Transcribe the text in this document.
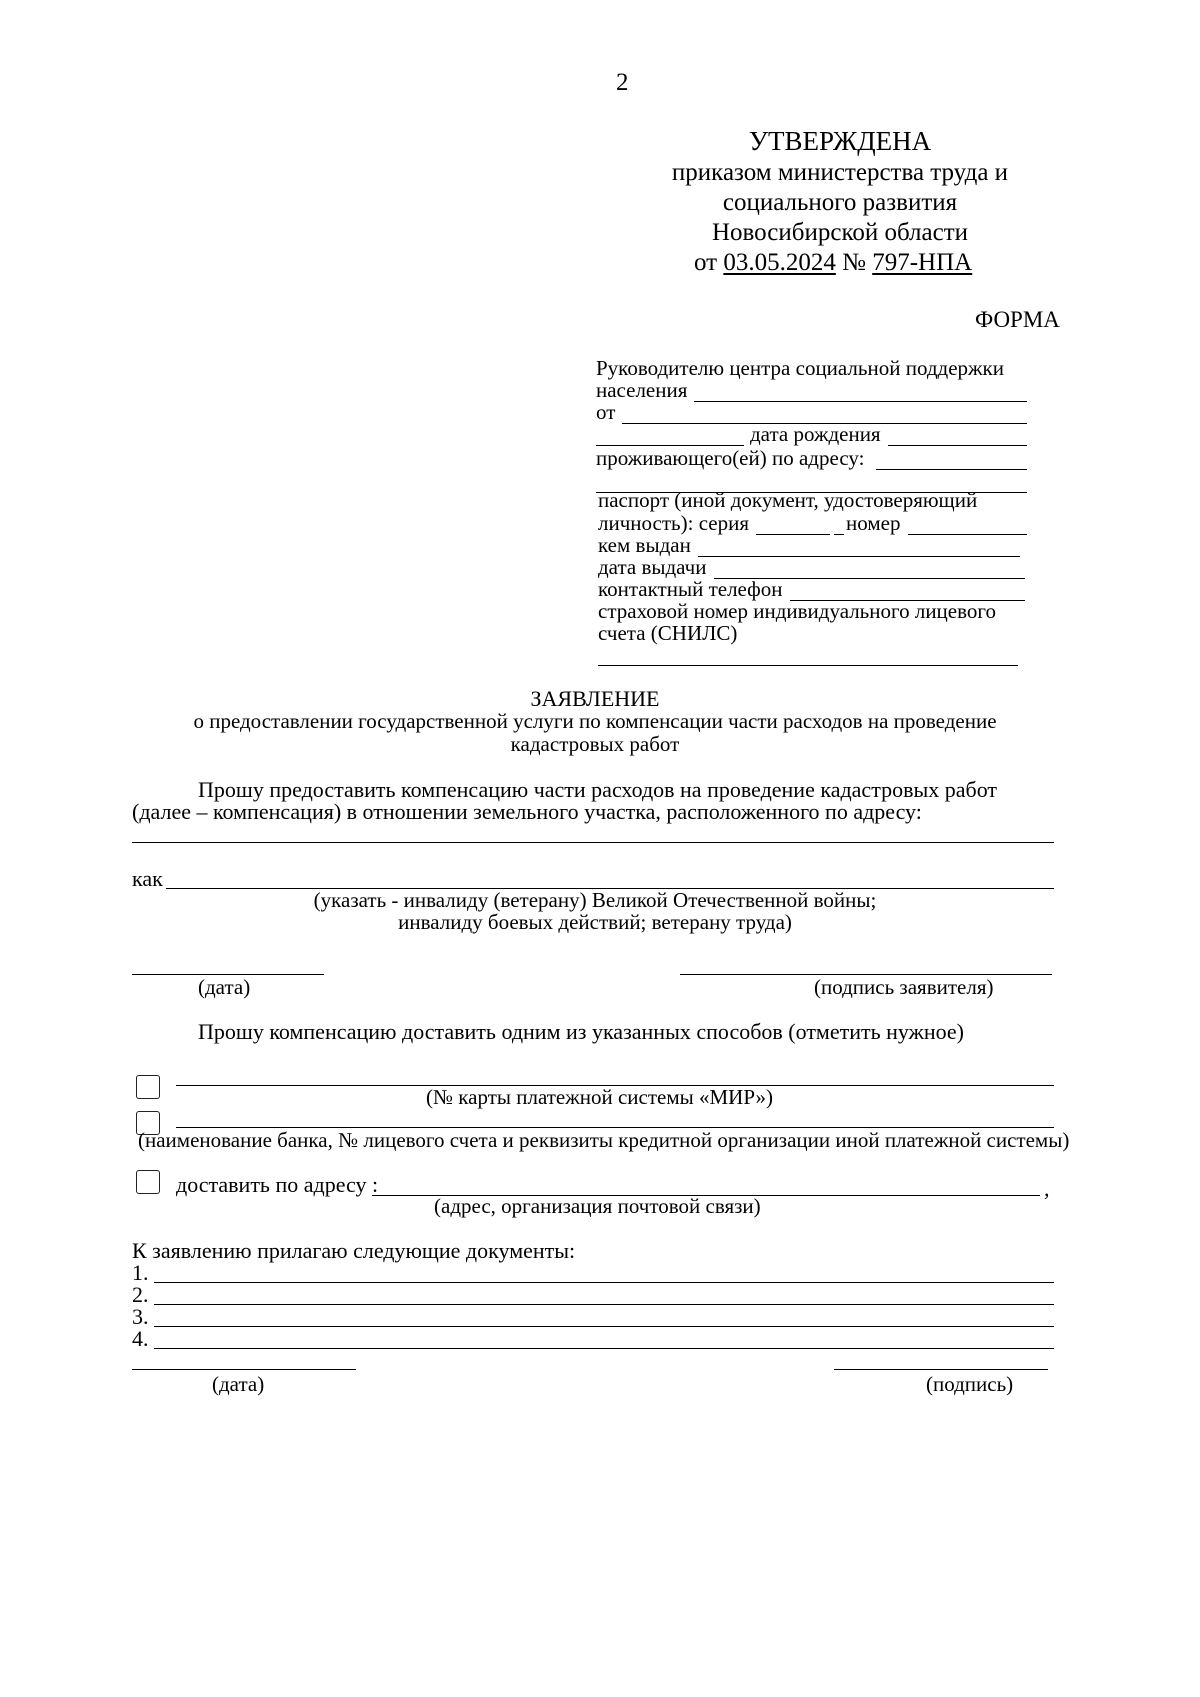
2
УТВЕРЖДЕНА
приказом министерства труда и
социального развития
Новосибирской области
от 03.05.2024 № 797-НПА
ФОРМА
Руководителю центра социальной поддержки
населения
от
дата рождения
проживающего(ей) по адресу:
паспорт (иной документ, удостоверяющий
личность): серия	номер
кем выдан
дата выдачи
контактный телефон
страховой номер индивидуального лицевого
счета (СНИЛС)
ЗАЯВЛЕНИЕ
о предоставлении государственной услуги по компенсации части расходов на проведение
кадастровых работ
Прошу предоставить компенсацию части расходов на проведение кадастровых работ
(далее – компенсация) в отношении земельного участка, расположенного по адресу:
как
(указать - инвалиду (ветерану) Великой Отечественной войны;
инвалиду боевых действий; ветерану труда)
(дата)	(подпись заявителя)
Прошу компенсацию доставить одним из указанных способов (отметить нужное)
(№ карты платежной системы «МИР»)
(наименование банка, № лицевого счета и реквизиты кредитной организации иной платежной системы)
доставить по адресу :	,
(адрес, организация почтовой связи)
К заявлению прилагаю следующие документы:
1.
2.
3.
4.
(дата)	(подпись)
